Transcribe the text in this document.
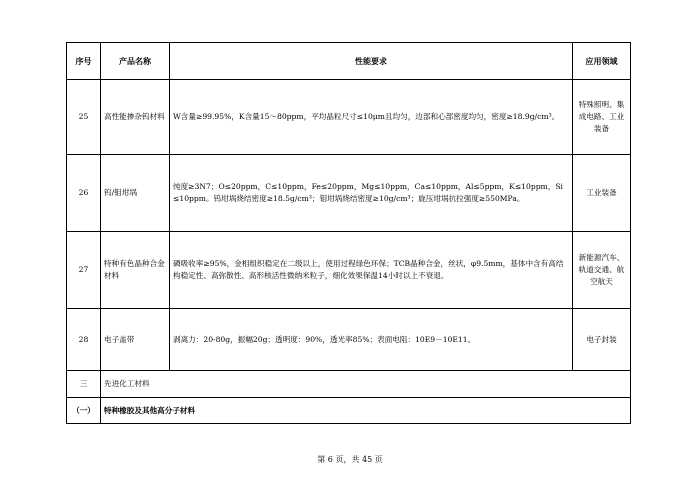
序号	产品名称	性能要求	应用领域
25	高性能掺杂钨材料	W含量≥99.95%，K含量15～80ppm，平均晶粒尺寸≤10μm且均匀，边部和心部密度均匀，密度≥18.9g/cm³。	特殊照明、集成电路、工业装备
26	钨/钼坩埚	纯度≥3N7；O≤20ppm，C≤10ppm，Fe≤20ppm，Mg≤10ppm，Ca≤10ppm，Al≤5ppm，K≤10ppm，Si≤10ppm。钨坩埚烧结密度≥18.5g/cm³；钼坩埚烧结密度≥10g/cm³；旋压坩埚抗拉强度≥550MPa。	工业装备
27	特种有色晶种合金材料	磷吸收率≥95%，金相组织稳定在二级以上，使用过程绿色环保；TCB晶种合金，丝状，φ9.5mm，基体中含有高结构稳定性、高弥散性、高形核活性微纳米粒子，细化效果保温14小时以上不衰退。	新能源汽车、轨道交通、航空航天
28	电子盖带	剥离力：20-80g，振幅20g；透明度：90%，透光率85%；表面电阻：10E9－10E11。	电子封装
三	先进化工材料		
（一）	特种橡胶及其他高分子材料		
第 6 页，共 45 页
